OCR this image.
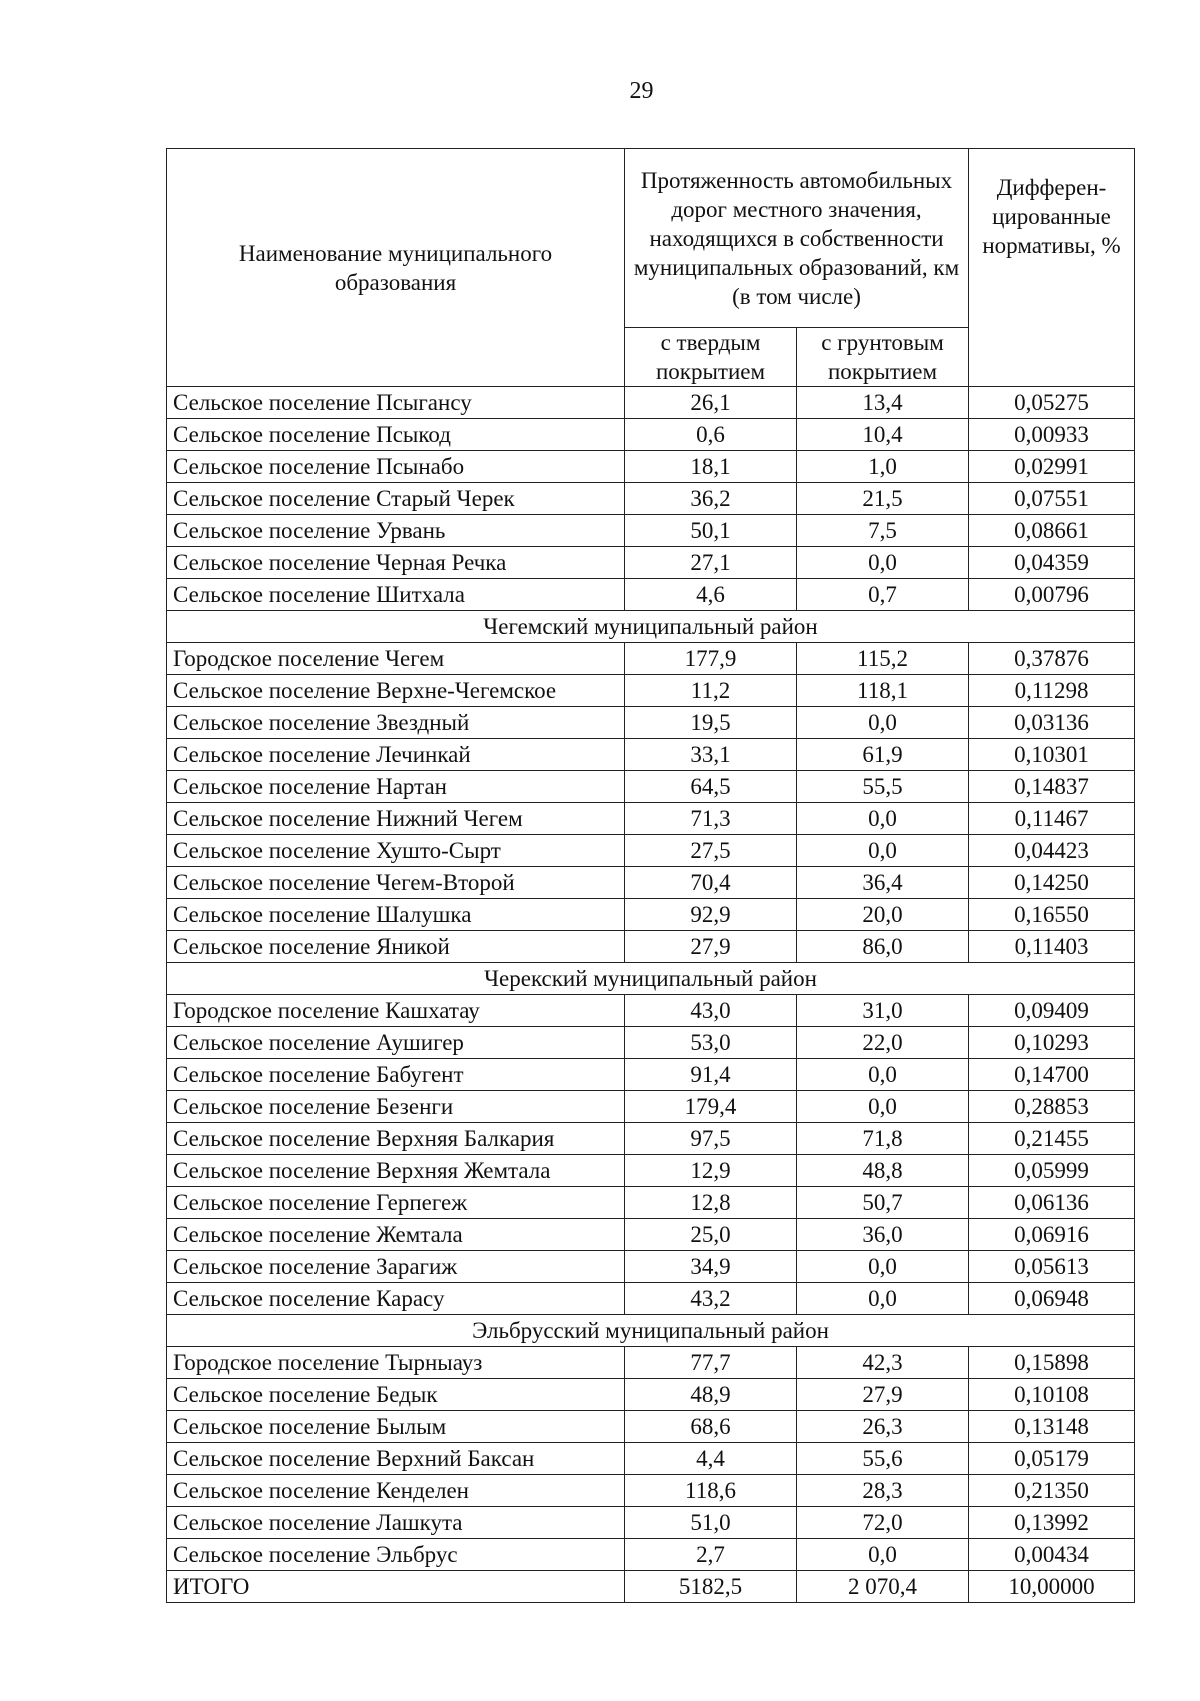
29
Наименование муниципального образования	Протяженность автомобильных дорог местного значения, находящихся в собственности муниципальных образований, км (в том числе)		Дифферен-цированные нормативы, %
	с твердым покрытием	с грунтовым покрытием	
Сельское поселение Псыгансу	26,1	13,4	0,05275
Сельское поселение Псыкод	0,6	10,4	0,00933
Сельское поселение Псынабо	18,1	1,0	0,02991
Сельское поселение Старый Черек	36,2	21,5	0,07551
Сельское поселение Урвань	50,1	7,5	0,08661
Сельское поселение Черная Речка	27,1	0,0	0,04359
Сельское поселение Шитхала	4,6	0,7	0,00796
Чегемский муниципальный район			
Городское поселение Чегем	177,9	115,2	0,37876
Сельское поселение Верхне-Чегемское	11,2	118,1	0,11298
Сельское поселение Звездный	19,5	0,0	0,03136
Сельское поселение Лечинкай	33,1	61,9	0,10301
Сельское поселение Нартан	64,5	55,5	0,14837
Сельское поселение Нижний Чегем	71,3	0,0	0,11467
Сельское поселение Хушто-Сырт	27,5	0,0	0,04423
Сельское поселение Чегем-Второй	70,4	36,4	0,14250
Сельское поселение Шалушка	92,9	20,0	0,16550
Сельское поселение Яникой	27,9	86,0	0,11403
Черекский муниципальный район			
Городское поселение Кашхатау	43,0	31,0	0,09409
Сельское поселение Аушигер	53,0	22,0	0,10293
Сельское поселение Бабугент	91,4	0,0	0,14700
Сельское поселение Безенги	179,4	0,0	0,28853
Сельское поселение Верхняя Балкария	97,5	71,8	0,21455
Сельское поселение Верхняя Жемтала	12,9	48,8	0,05999
Сельское поселение Герпегеж	12,8	50,7	0,06136
Сельское поселение Жемтала	25,0	36,0	0,06916
Сельское поселение Зарагиж	34,9	0,0	0,05613
Сельское поселение Карасу	43,2	0,0	0,06948
Эльбрусский муниципальный район			
Городское поселение Тырныауз	77,7	42,3	0,15898
Сельское поселение Бедык	48,9	27,9	0,10108
Сельское поселение Былым	68,6	26,3	0,13148
Сельское поселение Верхний Баксан	4,4	55,6	0,05179
Сельское поселение Кенделен	118,6	28,3	0,21350
Сельское поселение Лашкута	51,0	72,0	0,13992
Сельское поселение Эльбрус	2,7	0,0	0,00434
ИТОГО	5182,5	2 070,4	10,00000
